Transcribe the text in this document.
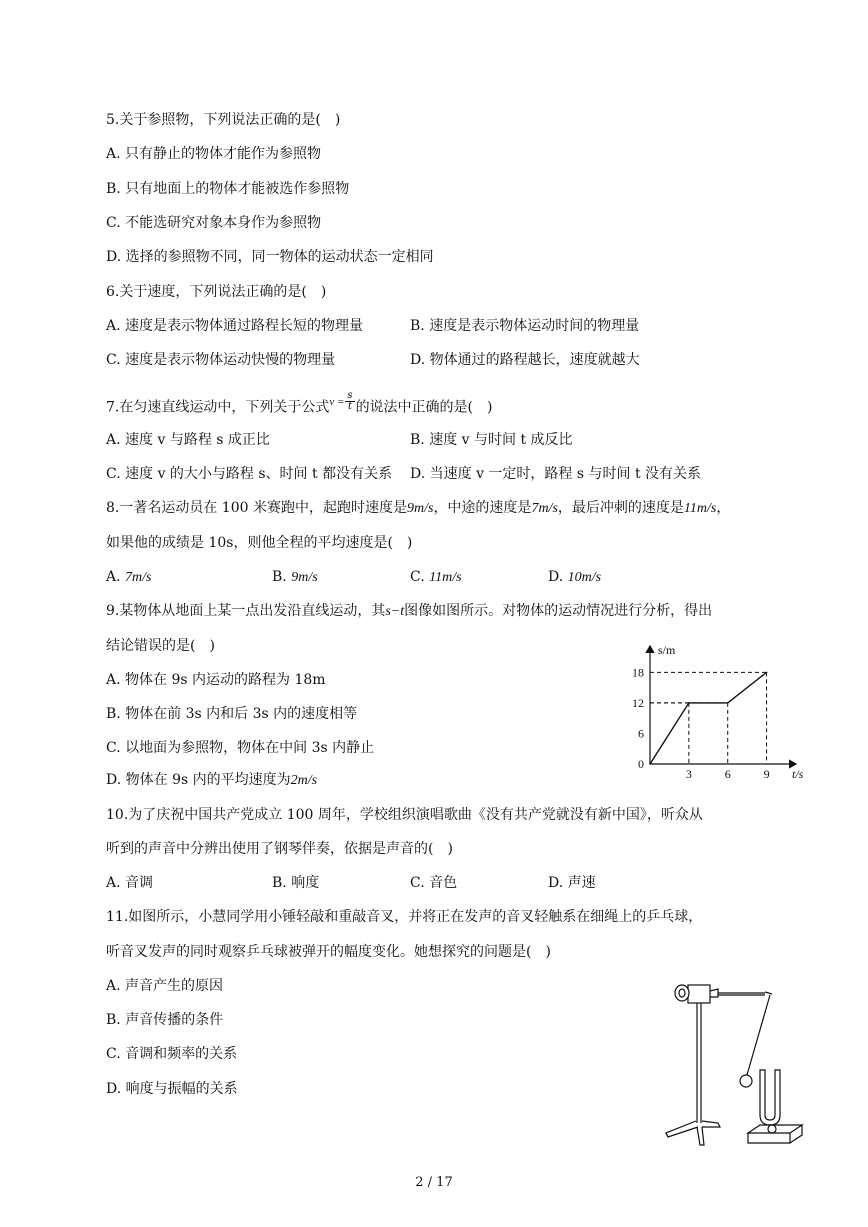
5.关于参照物，下列说法正确的是(　)
A. 只有静止的物体才能作为参照物
B. 只有地面上的物体才能被选作参照物
C. 不能选研究对象本身作为参照物
D. 选择的参照物不同，同一物体的运动状态一定相同
6.关于速度，下列说法正确的是(　)
A. 速度是表示物体通过路程长短的物理量	B. 速度是表示物体运动时间的物理量
C. 速度是表示物体运动快慢的物理量	D. 物体通过的路程越长，速度就越大
7.在匀速直线运动中，下列关于公式$^{v =} \frac{s}{t}$ 的说法中正确的是(　)
A. 速度 v 与路程 s 成正比	B. 速度 v 与时间 t 成反比
C. 速度 v 的大小与路程 s、时间 t 都没有关系 D. 当速度 v 一定时，路程 s 与时间 t 没有关系
8.一著名运动员在 100 米赛跑中，起跑时速度是9m/s，中途的速度是7m/s，最后冲刺的速度是11m/s，
如果他的成绩是 10s，则他全程的平均速度是(　)
A. 7m/s	B. 9m/s	C. 11m/s	D. 10m/s
9.某物体从地面上某一点出发沿直线运动，其s−t图像如图所示。对物体的运动情况进行分析，得出
结论错误的是(　)
A. 物体在 9s 内运动的路程为 18m
B. 物体在前 3s 内和后 3s 内的速度相等
C. 以地面为参照物，物体在中间 3s 内静止
D. 物体在 9s 内的平均速度为2m/s
s/m
t/s
3	6	9
0
6
12
18
10.为了庆祝中国共产党成立 100 周年，学校组织演唱歌曲《没有共产党就没有新中国》，听众从
听到的声音中分辨出使用了钢琴伴奏，依据是声音的(　)
A. 音调	B. 响度	C. 音色	D. 声速
11.如图所示，小慧同学用小锤轻敲和重敲音叉，并将正在发声的音叉轻触系在细绳上的乒乓球，
听音叉发声的同时观察乒乓球被弹开的幅度变化。她想探究的问题是(　)
A. 声音产生的原因
B. 声音传播的条件
C. 音调和频率的关系
D. 响度与振幅的关系
2 / 17
